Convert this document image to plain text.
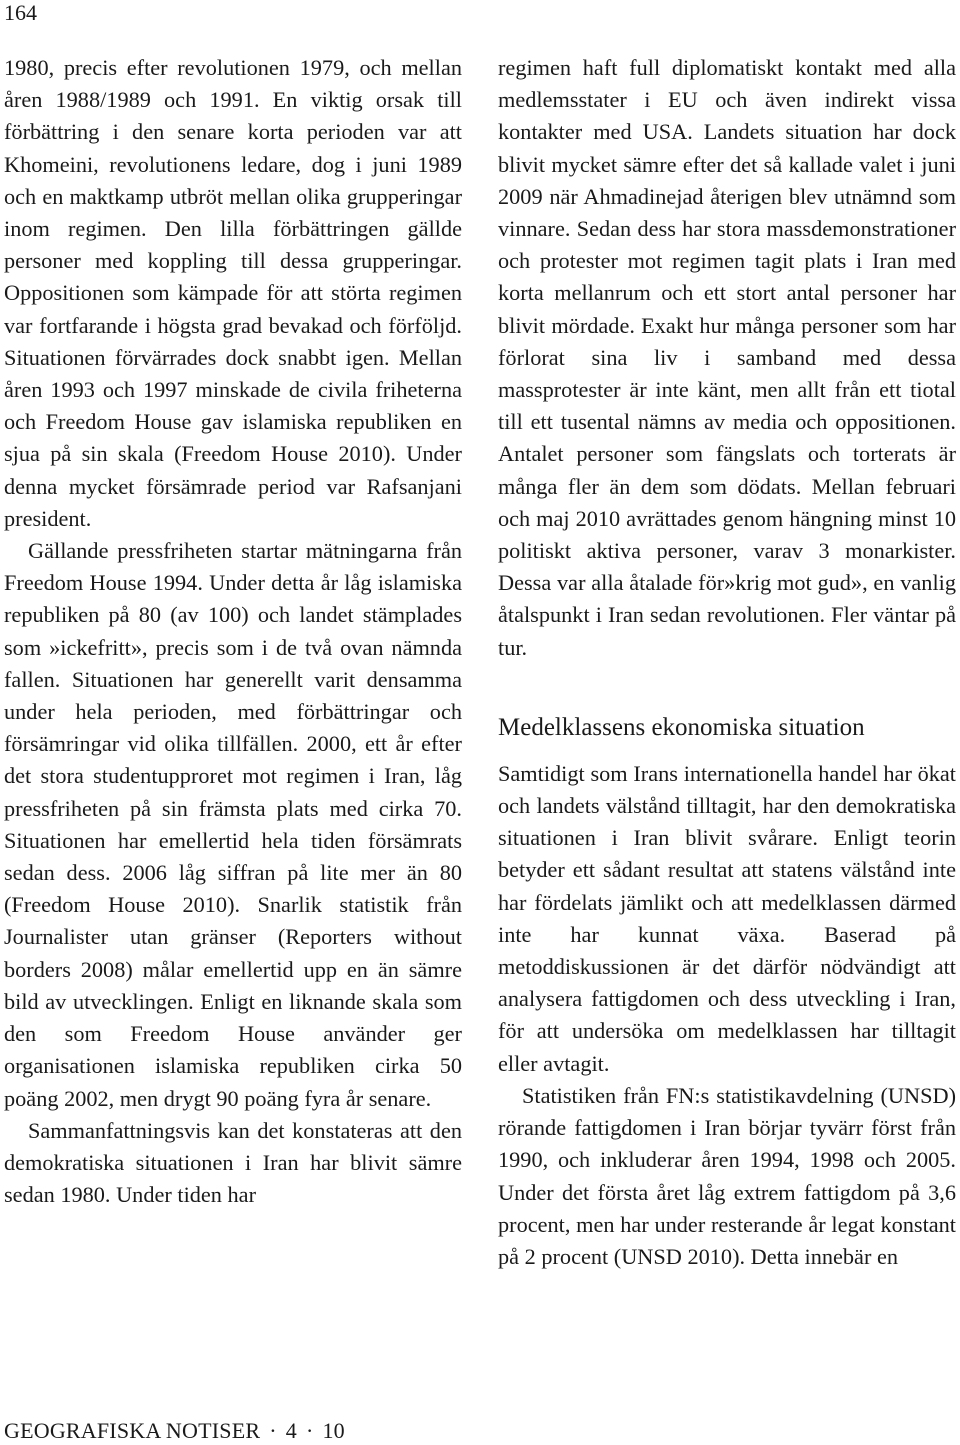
164

1980, precis efter revolutionen 1979, och mellan åren 1988/1989 och 1991. En viktig orsak till förbättring i den senare korta perioden var att Khomeini, revolutionens ledare, dog i juni 1989 och en maktkamp utbröt mellan olika grupperingar inom regimen. Den lilla förbättringen gällde personer med koppling till dessa grupperingar. Oppositionen som kämpade för att störta regimen var fortfarande i högsta grad bevakad och förföljd. Situationen förvärrades dock snabbt igen. Mellan åren 1993 och 1997 minskade de civila friheterna och Freedom House gav islamiska republiken en sjua på sin skala (Freedom House 2010). Under denna mycket försämrade period var Rafsanjani president.

Gällande pressfriheten startar mätningarna från Freedom House 1994. Under detta år låg islamiska republiken på 80 (av 100) och landet stämplades som »ickefritt», precis som i de två ovan nämnda fallen. Situationen har generellt varit densamma under hela perioden, med förbättringar och försämringar vid olika tillfällen. 2000, ett år efter det stora studentupproret mot regimen i Iran, låg pressfriheten på sin främsta plats med cirka 70. Situationen har emellertid hela tiden försämrats sedan dess. 2006 låg siffran på lite mer än 80 (Freedom House 2010). Snarlik statistik från Journalister utan gränser (Reporters without borders 2008) målar emellertid upp en än sämre bild av utvecklingen. Enligt en liknande skala som den som Freedom House använder ger organisationen islamiska republiken cirka 50 poäng 2002, men drygt 90 poäng fyra år senare.

Sammanfattningsvis kan det konstateras att den demokratiska situationen i Iran har blivit sämre sedan 1980. Under tiden har

regimen haft full diplomatiskt kontakt med alla medlemsstater i EU och även indirekt vissa kontakter med USA. Landets situation har dock blivit mycket sämre efter det så kallade valet i juni 2009 när Ahmadinejad återigen blev utnämnd som vinnare. Sedan dess har stora massdemonstrationer och protester mot regimen tagit plats i Iran med korta mellanrum och ett stort antal personer har blivit mördade. Exakt hur många personer som har förlorat sina liv i samband med dessa massprotester är inte känt, men allt från ett tiotal till ett tusental nämns av media och oppositionen. Antalet personer som fängslats och torterats är många fler än dem som dödats. Mellan februari och maj 2010 avrättades genom hängning minst 10 politiskt aktiva personer, varav 3 monarkister. Dessa var alla åtalade för»krig mot gud», en vanlig åtalspunkt i Iran sedan revolutionen. Fler väntar på tur.

Medelklassens ekonomiska situation

Samtidigt som Irans internationella handel har ökat och landets välstånd tilltagit, har den demokratiska situationen i Iran blivit svårare. Enligt teorin betyder ett sådant resultat att statens välstånd inte har fördelats jämlikt och att medelklassen därmed inte har kunnat växa. Baserad på metoddiskussionen är det därför nödvändigt att analysera fattigdomen och dess utveckling i Iran, för att undersöka om medelklassen har tilltagit eller avtagit.

Statistiken från FN:s statistikavdelning (UNSD) rörande fattigdomen i Iran börjar tyvärr först från 1990, och inkluderar åren 1994, 1998 och 2005. Under det första året låg extrem fattigdom på 3,6 procent, men har under resterande år legat konstant på 2 procent (UNSD 2010). Detta innebär en

GEOGRAFISKA NOTISER · 4 · 10
